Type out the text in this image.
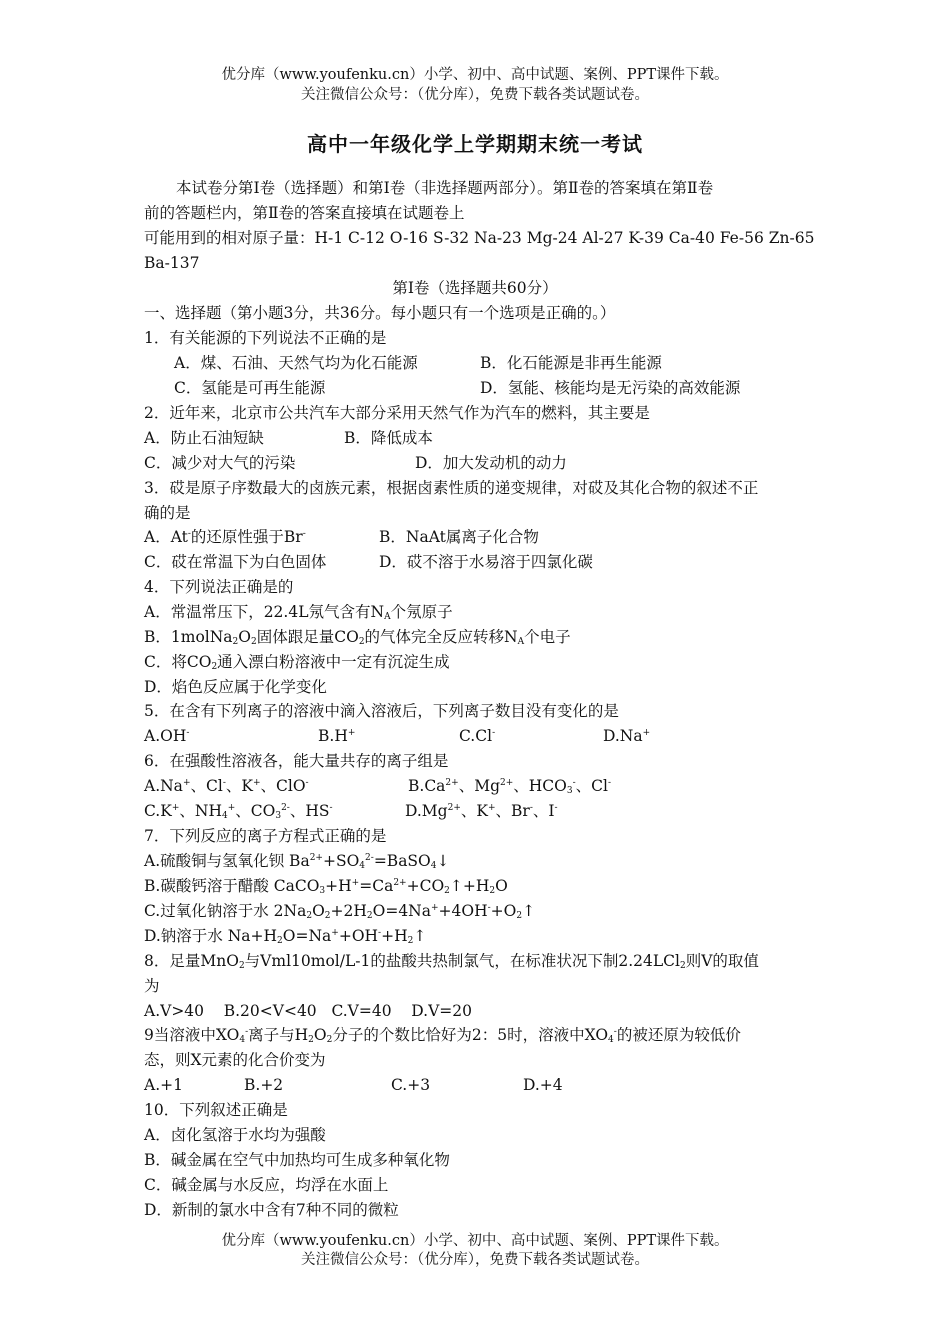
优分库（www.youfenku.cn）小学、初中、高中试题、案例、PPT课件下载。
关注微信公众号：（优分库），免费下载各类试题试卷。
高中一年级化学上学期期末统一考试
本试卷分第Ⅰ卷（选择题）和第Ⅰ卷（非选择题两部分）。第Ⅱ卷的答案填在第Ⅱ卷
前的答题栏内，第Ⅱ卷的答案直接填在试题卷上
可能用到的相对原子量：H-1 C-12 O-16 S-32 Na-23 Mg-24 Al-27 K-39 Ca-40 Fe-56 Zn-65
Ba-137
第Ⅰ卷（选择题共60分）
一、选择题（第小题3分，共36分。每小题只有一个选项是正确的。）
1．有关能源的下列说法不正确的是
A．煤、石油、天然气均为化石能源	B．化石能源是非再生能源
C．氢能是可再生能源	D．氢能、核能均是无污染的高效能源
2．近年来，北京市公共汽车大部分采用天然气作为汽车的燃料，其主要是
A．防止石油短缺	B．降低成本
C．减少对大气的污染	D．加大发动机的动力
3．砹是原子序数最大的卤族元素，根据卤素性质的递变规律，对砹及其化合物的叙述不正
确的是
A．At-的还原性强于Br-	B．NaAt属离子化合物
C．砹在常温下为白色固体	D．砹不溶于水易溶于四氯化碳
4．下列说法正确是的
A．常温常压下，22.4L氖气含有$N_A$个氖原子
B．$1molNa_2O_2$固体跟足量$CO_2$的气体完全反应转移$N_A$个电子
C．将$CO_2$通入漂白粉溶液中一定有沉淀生成
D．焰色反应属于化学变化
5．在含有下列离子的溶液中滴入溶液后，下列离子数目没有变化的是
A.OH-	B.H+	C.Cl-	D.Na+
6．在强酸性溶液各，能大量共存的离子组是
A.Na+、Cl-、K+、ClO-	$B.Ca^{2+}$、$Mg^{2+}$、$HCO_3^-$、Cl-
C.K+、$NH_4^+$、$CO_3^{2-}$、HS-	$D.Mg^{2+}$、K+、Br-、I-
7．下列反应的离子方程式正确的是
A.硫酸铜与氢氧化钡 $Ba^{2+}+SO_4^{2-}=BaSO_4↓$
B.碳酸钙溶于醋酸 $CaCO_3+H^+=Ca^{2+}+CO_2↑+H_2O$
C.过氧化钠溶于水 $2Na_2O_2+2H_2O=4Na^++4OH^-+O_2↑$
D.钠溶于水 $Na+H_2O=Na^++OH^-+H_2↑$
8．足量MnO$_2$与Vml10mol/L-1的盐酸共热制氯气，在标准状况下制2.24LCl$_2$则V的取值
为
A.V>40    B.20<V<40   C.V=40    D.V=20
9当溶液中$XO_4^-$离子与$H_2O_2$分子的个数比恰好为2：5时，溶液中$XO_4^-$的被还原为较低价
态，则X元素的化合价变为
A.+1	B.+2	C.+3	D.+4
10．下列叙述正确是
A．卤化氢溶于水均为强酸
B．碱金属在空气中加热均可生成多种氧化物
C．碱金属与水反应，均浮在水面上
D．新制的氯水中含有7种不同的微粒
优分库（www.youfenku.cn）小学、初中、高中试题、案例、PPT课件下载。
关注微信公众号：（优分库），免费下载各类试题试卷。
